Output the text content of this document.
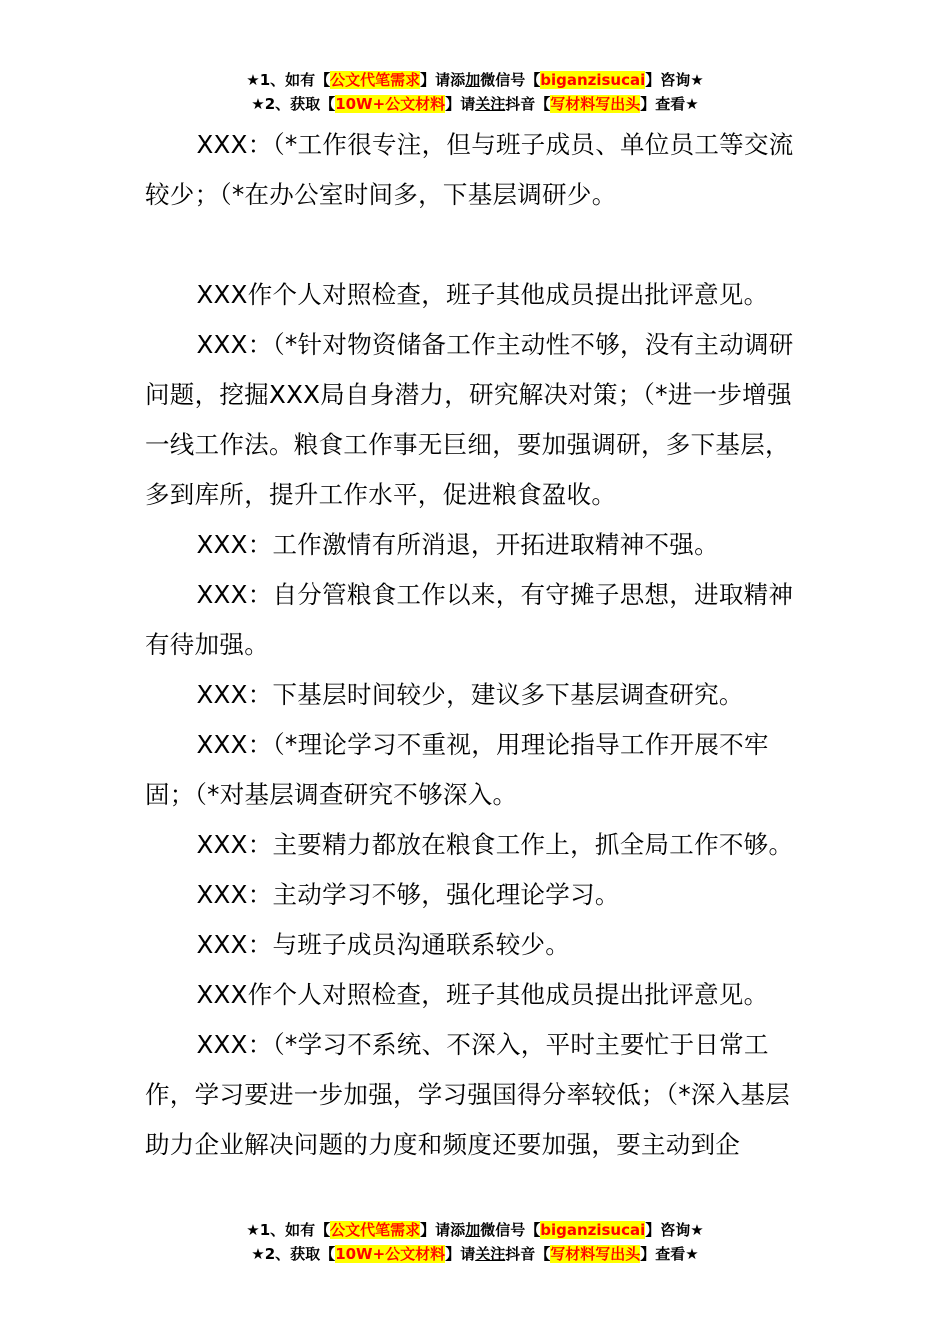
★1、如有【公文代笔需求】请添加微信号【biganzisucai】咨询★
★2、获取【10W+公文材料】请关注抖音【写材料写出头】查看★

XXX：（*工作很专注，但与班子成员、单位员工等交流较少；（*在办公室时间多，下基层调研少。

XXX作个人对照检查，班子其他成员提出批评意见。

XXX：（*针对物资储备工作主动性不够，没有主动调研问题，挖掘XXX局自身潜力，研究解决对策；（*进一步增强一线工作法。粮食工作事无巨细，要加强调研，多下基层，多到库所，提升工作水平，促进粮食盈收。

XXX：工作激情有所消退，开拓进取精神不强。

XXX：自分管粮食工作以来，有守摊子思想，进取精神有待加强。

XXX：下基层时间较少，建议多下基层调查研究。

XXX：（*理论学习不重视，用理论指导工作开展不牢固；（*对基层调查研究不够深入。

XXX：主要精力都放在粮食工作上，抓全局工作不够。

XXX：主动学习不够，强化理论学习。

XXX：与班子成员沟通联系较少。

XXX作个人对照检查，班子其他成员提出批评意见。

XXX：（*学习不系统、不深入，平时主要忙于日常工作，学习要进一步加强，学习强国得分率较低；（*深入基层助力企业解决问题的力度和频度还要加强，要主动到企

★1、如有【公文代笔需求】请添加微信号【biganzisucai】咨询★
★2、获取【10W+公文材料】请关注抖音【写材料写出头】查看★
